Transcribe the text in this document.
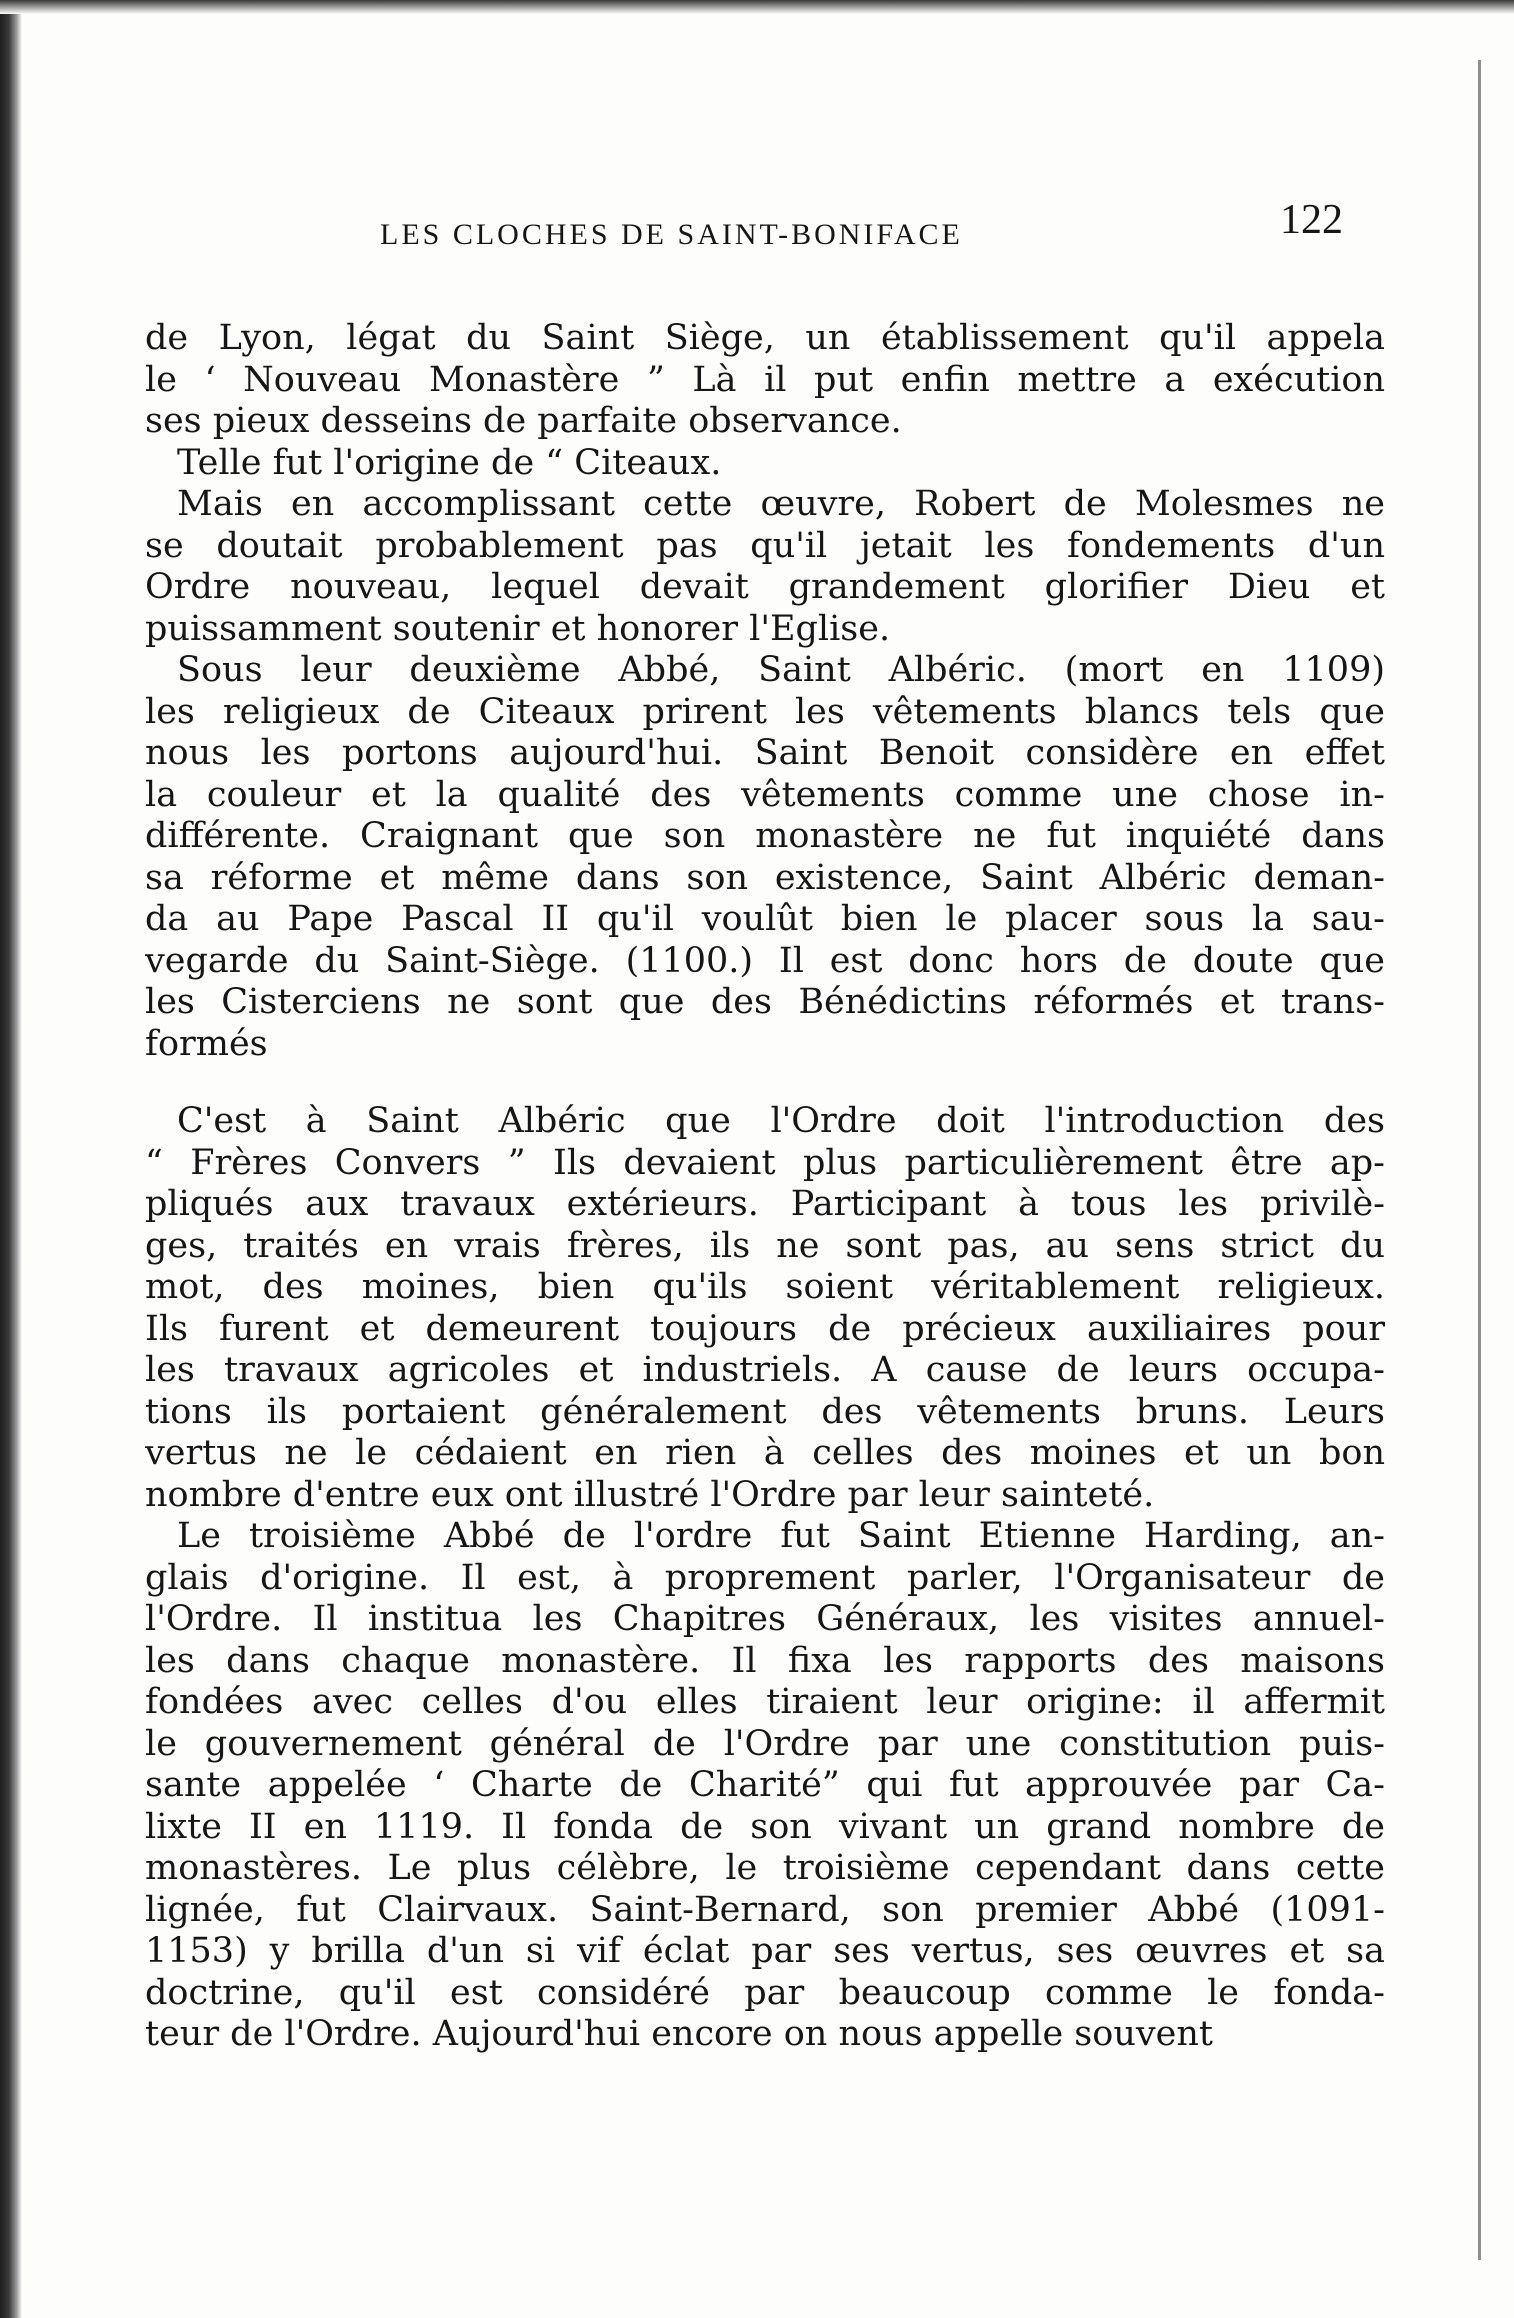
LES CLOCHES DE SAINT-BONIFACE	122

de Lyon, légat du Saint Siège, un établissement qu'il appela
le ‘ Nouveau Monastère ” Là il put enfin mettre a exécution
ses pieux desseins de parfaite observance.

Telle fut l'origine de “ Citeaux.

Mais en accomplissant cette œuvre, Robert de Molesmes ne
se doutait probablement pas qu'il jetait les fondements d'un
Ordre nouveau, lequel devait grandement glorifier Dieu et
puissamment soutenir et honorer l'Eglise.

Sous leur deuxième Abbé, Saint Albéric. (mort en 1109)
les religieux de Citeaux prirent les vêtements blancs tels que
nous les portons aujourd'hui. Saint Benoit considère en effet
la couleur et la qualité des vêtements comme une chose in-
différente. Craignant que son monastère ne fut inquiété dans
sa réforme et même dans son existence, Saint Albéric deman-
da au Pape Pascal II qu'il voulût bien le placer sous la sau-
vegarde du Saint-Siège. (1100.) Il est donc hors de doute que
les Cisterciens ne sont que des Bénédictins réformés et trans-
formés

C'est à Saint Albéric que l'Ordre doit l'introduction des
“ Frères Convers ” Ils devaient plus particulièrement être ap-
pliqués aux travaux extérieurs. Participant à tous les privilè-
ges, traités en vrais frères, ils ne sont pas, au sens strict du
mot, des moines, bien qu'ils soient véritablement religieux.
Ils furent et demeurent toujours de précieux auxiliaires pour
les travaux agricoles et industriels. A cause de leurs occupa-
tions ils portaient généralement des vêtements bruns. Leurs
vertus ne le cédaient en rien à celles des moines et un bon
nombre d'entre eux ont illustré l'Ordre par leur sainteté.

Le troisième Abbé de l'ordre fut Saint Etienne Harding, an-
glais d'origine. Il est, à proprement parler, l'Organisateur de
l'Ordre. Il institua les Chapitres Généraux, les visites annuel-
les dans chaque monastère. Il fixa les rapports des maisons
fondées avec celles d'ou elles tiraient leur origine: il affermit
le gouvernement général de l'Ordre par une constitution puis-
sante appelée ‘ Charte de Charité” qui fut approuvée par Ca-
lixte II en 1119. Il fonda de son vivant un grand nombre de
monastères. Le plus célèbre, le troisième cependant dans cette
lignée, fut Clairvaux. Saint-Bernard, son premier Abbé (1091-
1153) y brilla d'un si vif éclat par ses vertus, ses œuvres et sa
doctrine, qu'il est considéré par beaucoup comme le fonda-
teur de l'Ordre. Aujourd'hui encore on nous appelle souvent
